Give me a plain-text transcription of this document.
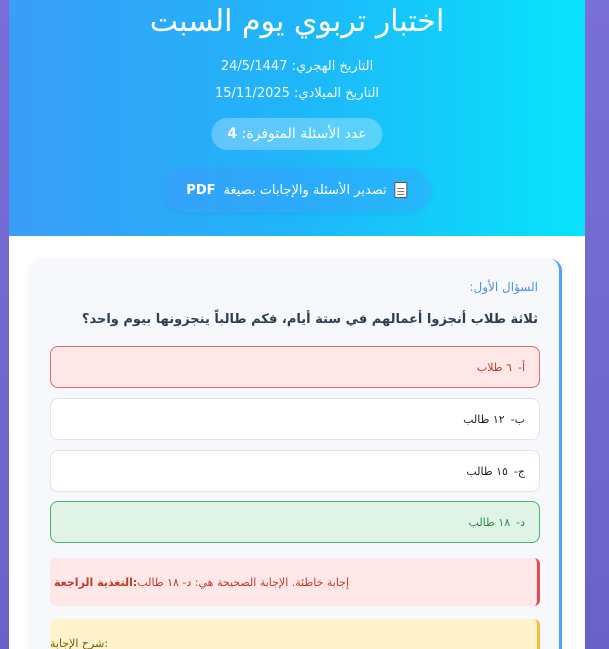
اختبار تربوي يوم السبت
التاريخ الهجري: 24/5/1447
التاريخ الميلادي: 15/11/2025
عدد الأسئلة المتوفرة: 4
تصدير الأسئلة والإجابات بصيغة
PDF
السؤال الأول:
ثلاثة طلاب أنجزوا أعمالهم في ستة أيام، فكم طالباً ينجزونها بيوم واحد؟
أ-
٦ طلاب
ب-
١٢ طالب
ج-
١٥ طالب
د-
١٨ طالب
التغذية الراجعة: إجابة خاطئة. الإجابة الصحيحة هي: د- ١٨ طالب
شرح الإجابة:
